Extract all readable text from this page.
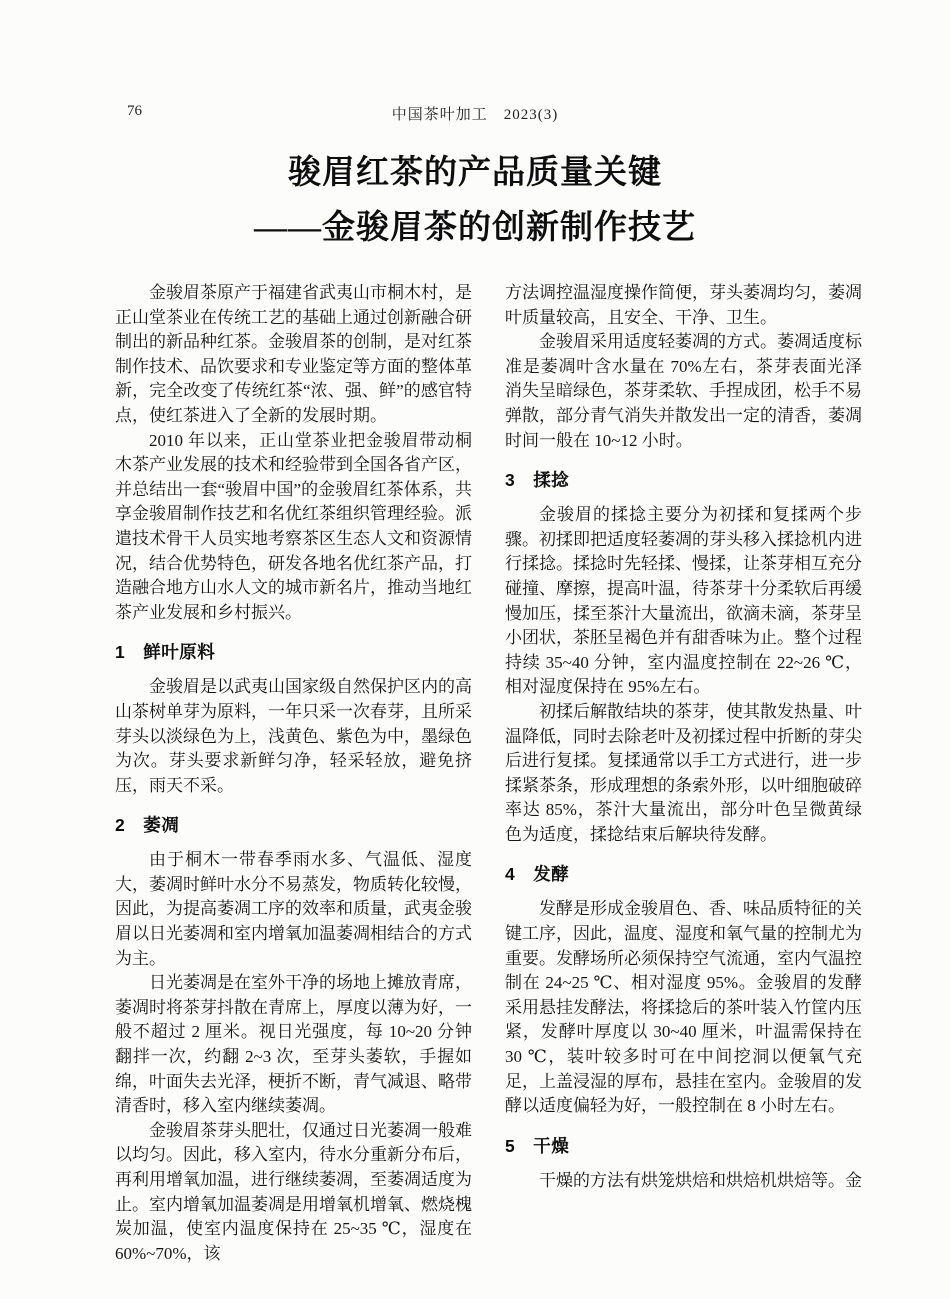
76	中国茶叶加工　2023(3)
骏眉红茶的产品质量关键
——金骏眉茶的创新制作技艺

金骏眉茶原产于福建省武夷山市桐木村，是正山堂茶业在传统工艺的基础上通过创新融合研制出的新品种红茶。金骏眉茶的创制，是对红茶制作技术、品饮要求和专业鉴定等方面的整体革新，完全改变了传统红茶“浓、强、鲜”的感官特点，使红茶进入了全新的发展时期。

2010 年以来，正山堂茶业把金骏眉带动桐木茶产业发展的技术和经验带到全国各省产区，并总结出一套“骏眉中国”的金骏眉红茶体系，共享金骏眉制作技艺和名优红茶组织管理经验。派遣技术骨干人员实地考察茶区生态人文和资源情况，结合优势特色，研发各地名优红茶产品，打造融合地方山水人文的城市新名片，推动当地红茶产业发展和乡村振兴。

1　鲜叶原料

金骏眉是以武夷山国家级自然保护区内的高山茶树单芽为原料，一年只采一次春芽，且所采芽头以淡绿色为上，浅黄色、紫色为中，墨绿色为次。芽头要求新鲜匀净，轻采轻放，避免挤压，雨天不采。

2　萎凋

由于桐木一带春季雨水多、气温低、湿度大，萎凋时鲜叶水分不易蒸发，物质转化较慢，因此，为提高萎凋工序的效率和质量，武夷金骏眉以日光萎凋和室内增氧加温萎凋相结合的方式为主。

日光萎凋是在室外干净的场地上摊放青席，萎凋时将茶芽抖散在青席上，厚度以薄为好，一般不超过 2 厘米。视日光强度，每 10~20 分钟翻拌一次，约翻 2~3 次，至芽头萎软，手握如绵，叶面失去光泽，梗折不断，青气减退、略带清香时，移入室内继续萎凋。

金骏眉茶芽头肥壮，仅通过日光萎凋一般难以均匀。因此，移入室内，待水分重新分布后，再利用增氧加温，进行继续萎凋，至萎凋适度为止。室内增氧加温萎凋是用增氧机增氧、燃烧槐炭加温，使室内温度保持在 25~35 ℃，湿度在 60%~70%，该

方法调控温湿度操作简便，芽头萎凋均匀，萎凋叶质量较高，且安全、干净、卫生。

金骏眉采用适度轻萎凋的方式。萎凋适度标准是萎凋叶含水量在 70%左右，茶芽表面光泽消失呈暗绿色，茶芽柔软、手捏成团，松手不易弹散，部分青气消失并散发出一定的清香，萎凋时间一般在 10~12 小时。

3　揉捻

金骏眉的揉捻主要分为初揉和复揉两个步骤。初揉即把适度轻萎凋的芽头移入揉捻机内进行揉捻。揉捻时先轻揉、慢揉，让茶芽相互充分碰撞、摩擦，提高叶温，待茶芽十分柔软后再缓慢加压，揉至茶汁大量流出，欲滴未滴，茶芽呈小团状，茶胚呈褐色并有甜香味为止。整个过程持续 35~40 分钟，室内温度控制在 22~26 ℃，相对湿度保持在 95%左右。

初揉后解散结块的茶芽，使其散发热量、叶温降低，同时去除老叶及初揉过程中折断的芽尖后进行复揉。复揉通常以手工方式进行，进一步揉紧茶条，形成理想的条索外形，以叶细胞破碎率达 85%，茶汁大量流出，部分叶色呈微黄绿色为适度，揉捻结束后解块待发酵。

4　发酵

发酵是形成金骏眉色、香、味品质特征的关键工序，因此，温度、湿度和氧气量的控制尤为重要。发酵场所必须保持空气流通，室内气温控制在 24~25 ℃、相对湿度 95%。金骏眉的发酵采用悬挂发酵法，将揉捻后的茶叶装入竹筐内压紧，发酵叶厚度以 30~40 厘米，叶温需保持在 30 ℃，装叶较多时可在中间挖洞以便氧气充足，上盖浸湿的厚布，悬挂在室内。金骏眉的发酵以适度偏轻为好，一般控制在 8 小时左右。

5　干燥

干燥的方法有烘笼烘焙和烘焙机烘焙等。金
